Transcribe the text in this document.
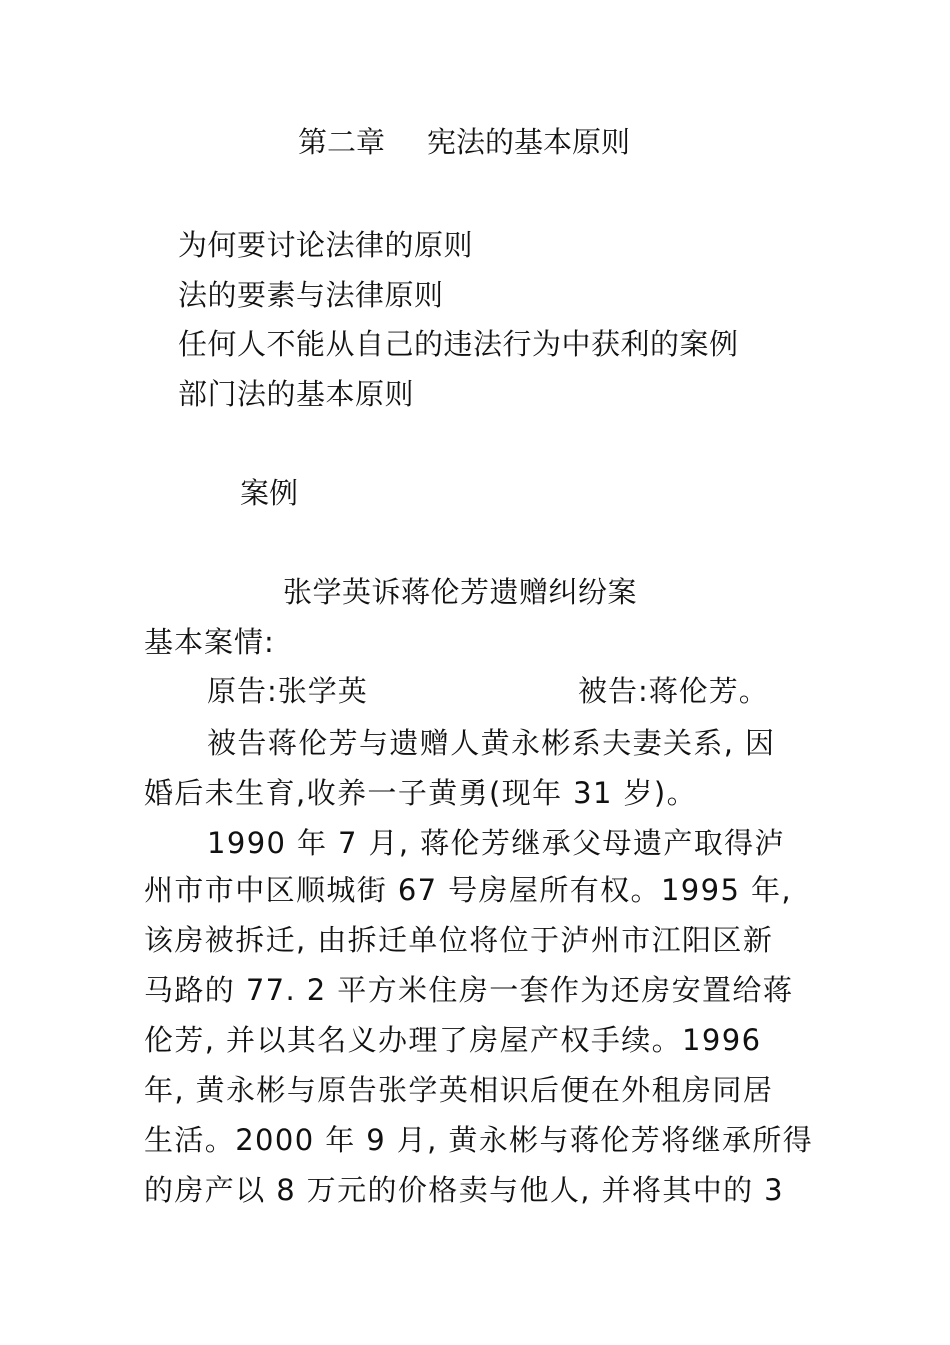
第二章 宪法的基本原则
为何要讨论法律的原则
法的要素与法律原则
任何人不能从自己的违法行为中获利的案例
部门法的基本原则
案例
张学英诉蒋伦芳遗赠纠纷案
基本案情:
原告:张学英	被告:蒋伦芳。
被告蒋伦芳与遗赠人黄永彬系夫妻关系, 因
婚后未生育,收养一子黄勇(现年 31 岁)。
1990 年 7 月, 蒋伦芳继承父母遗产取得泸
州市市中区顺城街 67 号房屋所有权。1995 年,
该房被拆迁, 由拆迁单位将位于泸州市江阳区新
马路的 77. 2 平方米住房一套作为还房安置给蒋
伦芳, 并以其名义办理了房屋产权手续。1996
年, 黄永彬与原告张学英相识后便在外租房同居
生活。2000 年 9 月, 黄永彬与蒋伦芳将继承所得
的房产以 8 万元的价格卖与他人, 并将其中的 3
